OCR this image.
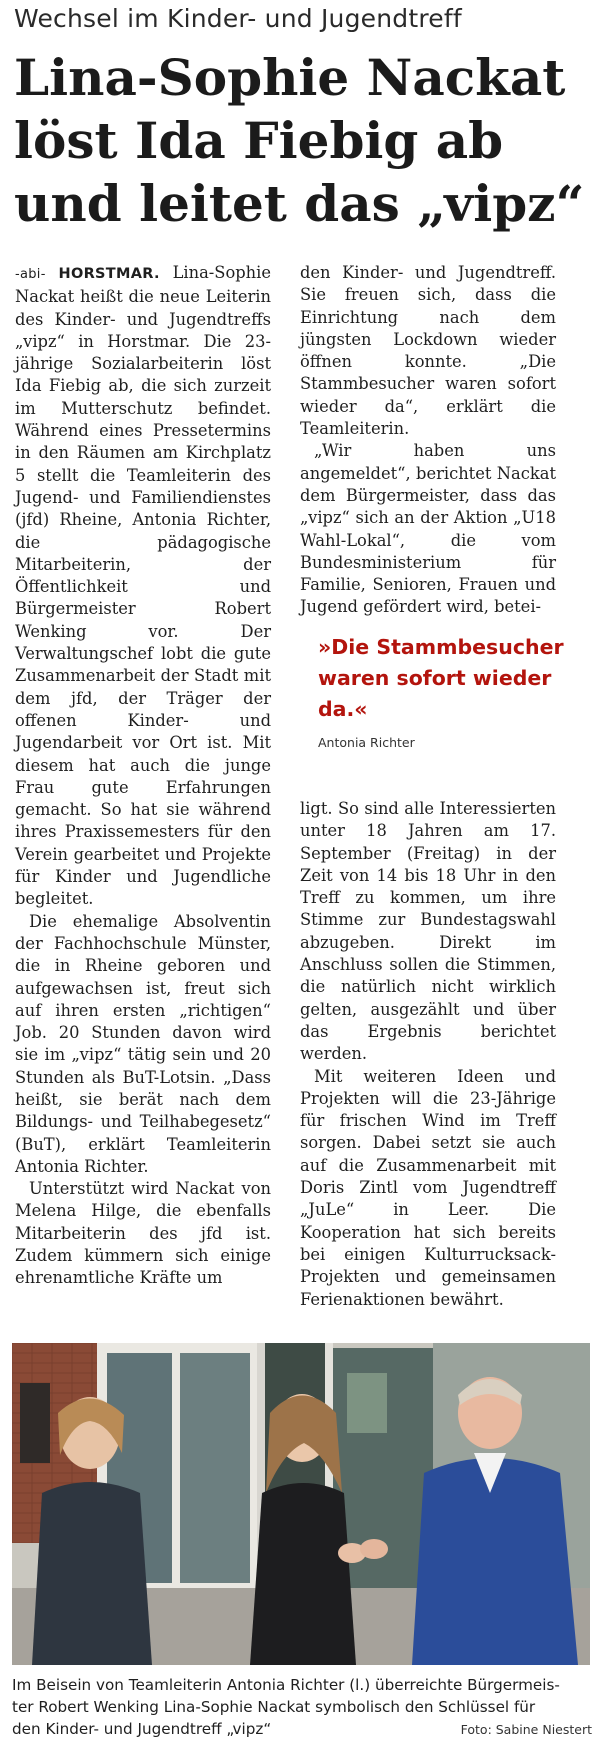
Wechsel im Kinder- und Jugendtreff
Lina-Sophie Nackat
löst Ida Fiebig ab
und leitet das „vipz“

-abi- HORSTMAR. Lina-Sophie Nackat heißt die neue Leiterin des Kinder- und Jugendtreffs „vipz“ in Horstmar. Die 23-jährige Sozialarbeiterin löst Ida Fiebig ab, die sich zurzeit im Mutterschutz befindet. Während eines Pressetermins in den Räumen am Kirchplatz 5 stellt die Teamleiterin des Jugend- und Familiendienstes (jfd) Rheine, Antonia Richter, die pädagogische Mitarbeiterin, der Öffentlichkeit und Bürgermeister Robert Wenking vor. Der Verwaltungschef lobt die gute Zusammenarbeit der Stadt mit dem jfd, der Träger der offenen Kinder- und Jugendarbeit vor Ort ist. Mit diesem hat auch die junge Frau gute Erfahrungen gemacht. So hat sie während ihres Praxissemesters für den Verein gearbeitet und Projekte für Kinder und Jugendliche begleitet.

Die ehemalige Absolventin der Fachhochschule Münster, die in Rheine geboren und aufgewachsen ist, freut sich auf ihren ersten „richtigen“ Job. 20 Stunden davon wird sie im „vipz“ tätig sein und 20 Stunden als BuT-Lotsin. „Dass heißt, sie berät nach dem Bildungs- und Teilhabegesetz“ (BuT), erklärt Teamleiterin Antonia Richter.

Unterstützt wird Nackat von Melena Hilge, die ebenfalls Mitarbeiterin des jfd ist. Zudem kümmern sich einige ehrenamtliche Kräfte um

den Kinder- und Jugendtreff. Sie freuen sich, dass die Einrichtung nach dem jüngsten Lockdown wieder öffnen konnte. „Die Stammbesucher waren sofort wieder da“, erklärt die Teamleiterin.

„Wir haben uns angemeldet“, berichtet Nackat dem Bürgermeister, dass das „vipz“ sich an der Aktion „U18 Wahl-Lokal“, die vom Bundesministerium für Familie, Senioren, Frauen und Jugend gefördert wird, betei-

»Die Stammbesucher waren sofort wieder da.«
Antonia Richter

ligt. So sind alle Interessierten unter 18 Jahren am 17. September (Freitag) in der Zeit von 14 bis 18 Uhr in den Treff zu kommen, um ihre Stimme zur Bundestagswahl abzugeben. Direkt im Anschluss sollen die Stimmen, die natürlich nicht wirklich gelten, ausgezählt und über das Ergebnis berichtet werden.

Mit weiteren Ideen und Projekten will die 23-Jährige für frischen Wind im Treff sorgen. Dabei setzt sie auch auf die Zusammenarbeit mit Doris Zintl vom Jugendtreff „JuLe“ in Leer. Die Kooperation hat sich bereits bei einigen Kulturrucksack-Projekten und gemeinsamen Ferienaktionen bewährt.

Im Beisein von Teamleiterin Antonia Richter (l.) überreichte Bürgermeis-
ter Robert Wenking Lina-Sophie Nackat symbolisch den Schlüssel für
den Kinder- und Jugendtreff „vipz“	Foto: Sabine Niestert
